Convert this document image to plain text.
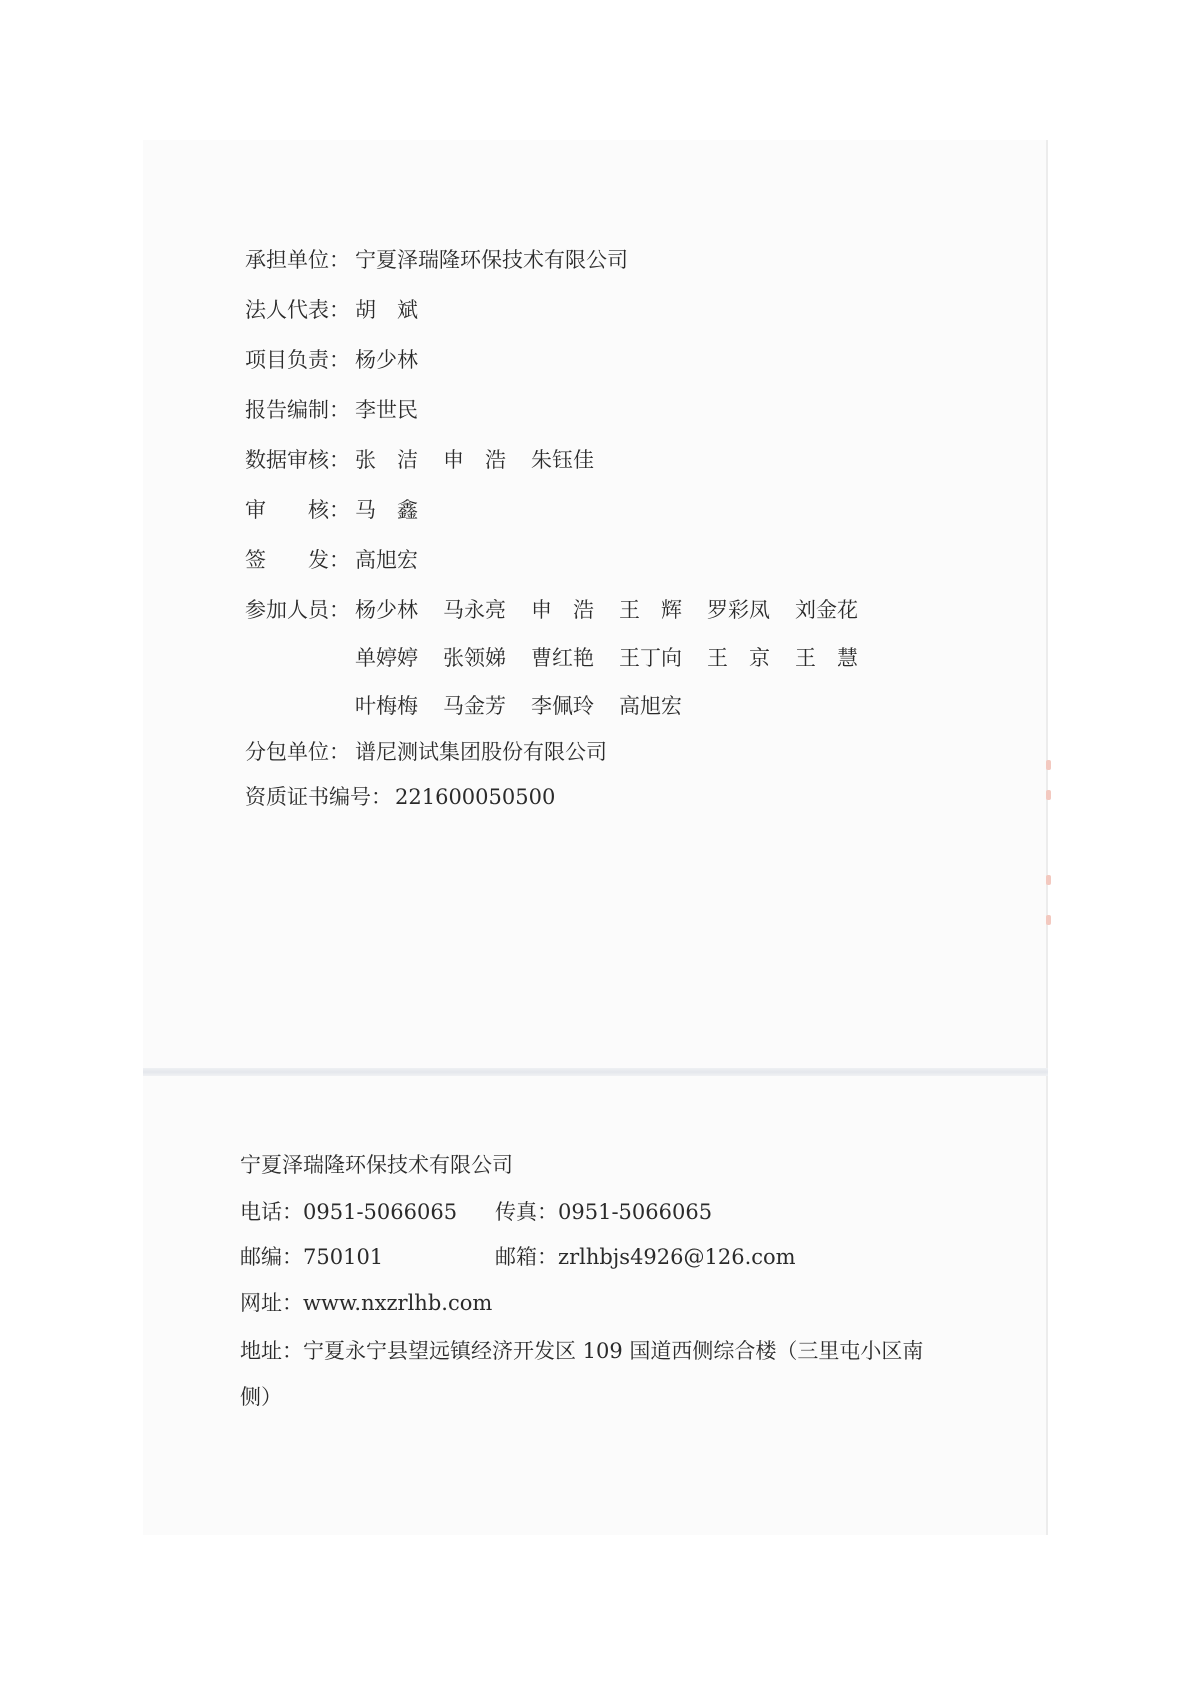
承担单位： 宁夏泽瑞隆环保技术有限公司
法人代表： 胡　斌
项目负责： 杨少林
报告编制： 李世民
数据审核： 张　洁 申　浩 朱钰佳
审　　核： 马　鑫
签　　发： 高旭宏
参加人员： 杨少林 马永亮 申　浩 王　辉 罗彩凤 刘金花
单婷婷 张领娣 曹红艳 王丁向 王　京 王　慧
叶梅梅 马金芳 李佩玲 高旭宏
分包单位： 谱尼测试集团股份有限公司
资质证书编号： 221600050500
宁夏泽瑞隆环保技术有限公司
电话：0951-5066065 传真：0951-5066065
邮编：750101	邮箱：zrlhbjs4926@126.com
网址：www.nxzrlhb.com
地址：宁夏永宁县望远镇经济开发区 109 国道西侧综合楼（三里屯小区南
侧）
